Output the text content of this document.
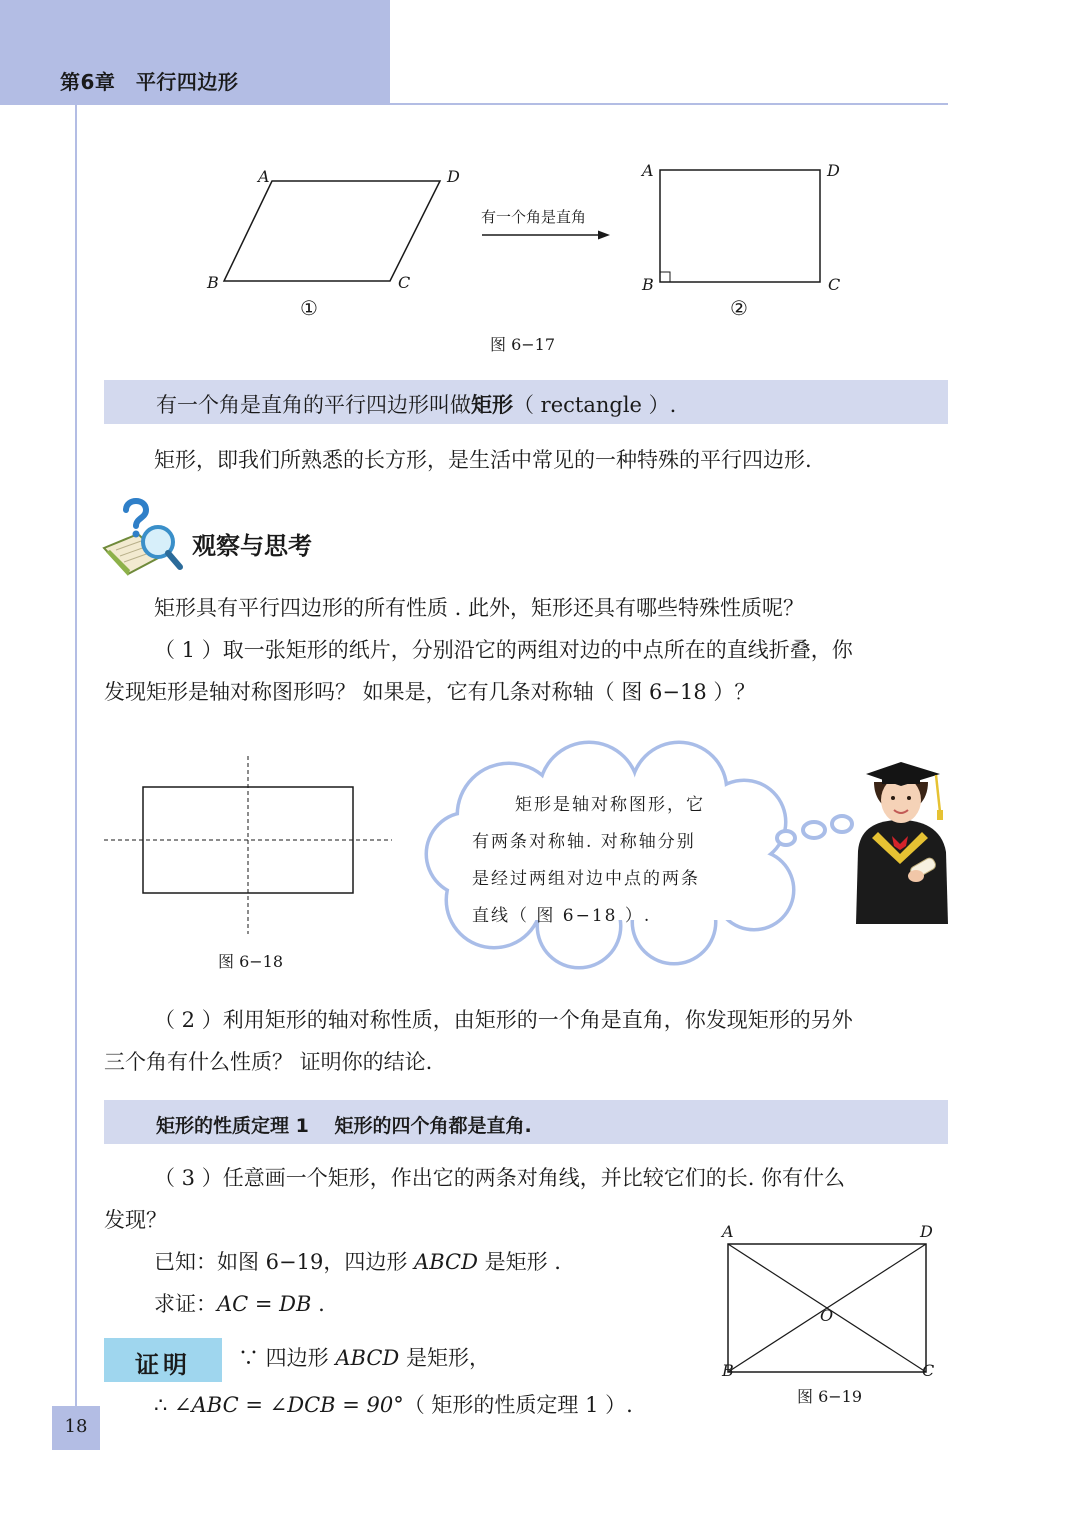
第6章　平行四边形
A	D
B	C
①
有一个角是直角
A	D
B	C
②
图 6−17
有一个角是直角的平行四边形叫做矩形（ rectangle ）.
矩形，即我们所熟悉的长方形，是生活中常见的一种特殊的平行四边形.
观察与思考
矩形具有平行四边形的所有性质 . 此外，矩形还具有哪些特殊性质呢？
（ 1 ）取一张矩形的纸片，分别沿它的两组对边的中点所在的直线折叠，你
发现矩形是轴对称图形吗？ 如果是，它有几条对称轴（ 图 6−18 ）？
图 6−18
矩形是轴对称图形，它
有两条对称轴. 对称轴分别
是经过两组对边中点的两条
直线（ 图 6−18 ）.
（ 2 ）利用矩形的轴对称性质，由矩形的一个角是直角，你发现矩形的另外
三个角有什么性质？ 证明你的结论.
矩形的性质定理 1　 矩形的四个角都是直角.
（ 3 ）任意画一个矩形，作出它的两条对角线，并比较它们的长. 你有什么
发现？
已知：如图 6−19，四边形 ABCD 是矩形 .
求证：AC = DB .
证明	∵ 四边形 ABCD 是矩形，
∴ ∠ABC = ∠DCB = 90°（ 矩形的性质定理 1 ）.
A	D
B	C
O
图 6−19
18
